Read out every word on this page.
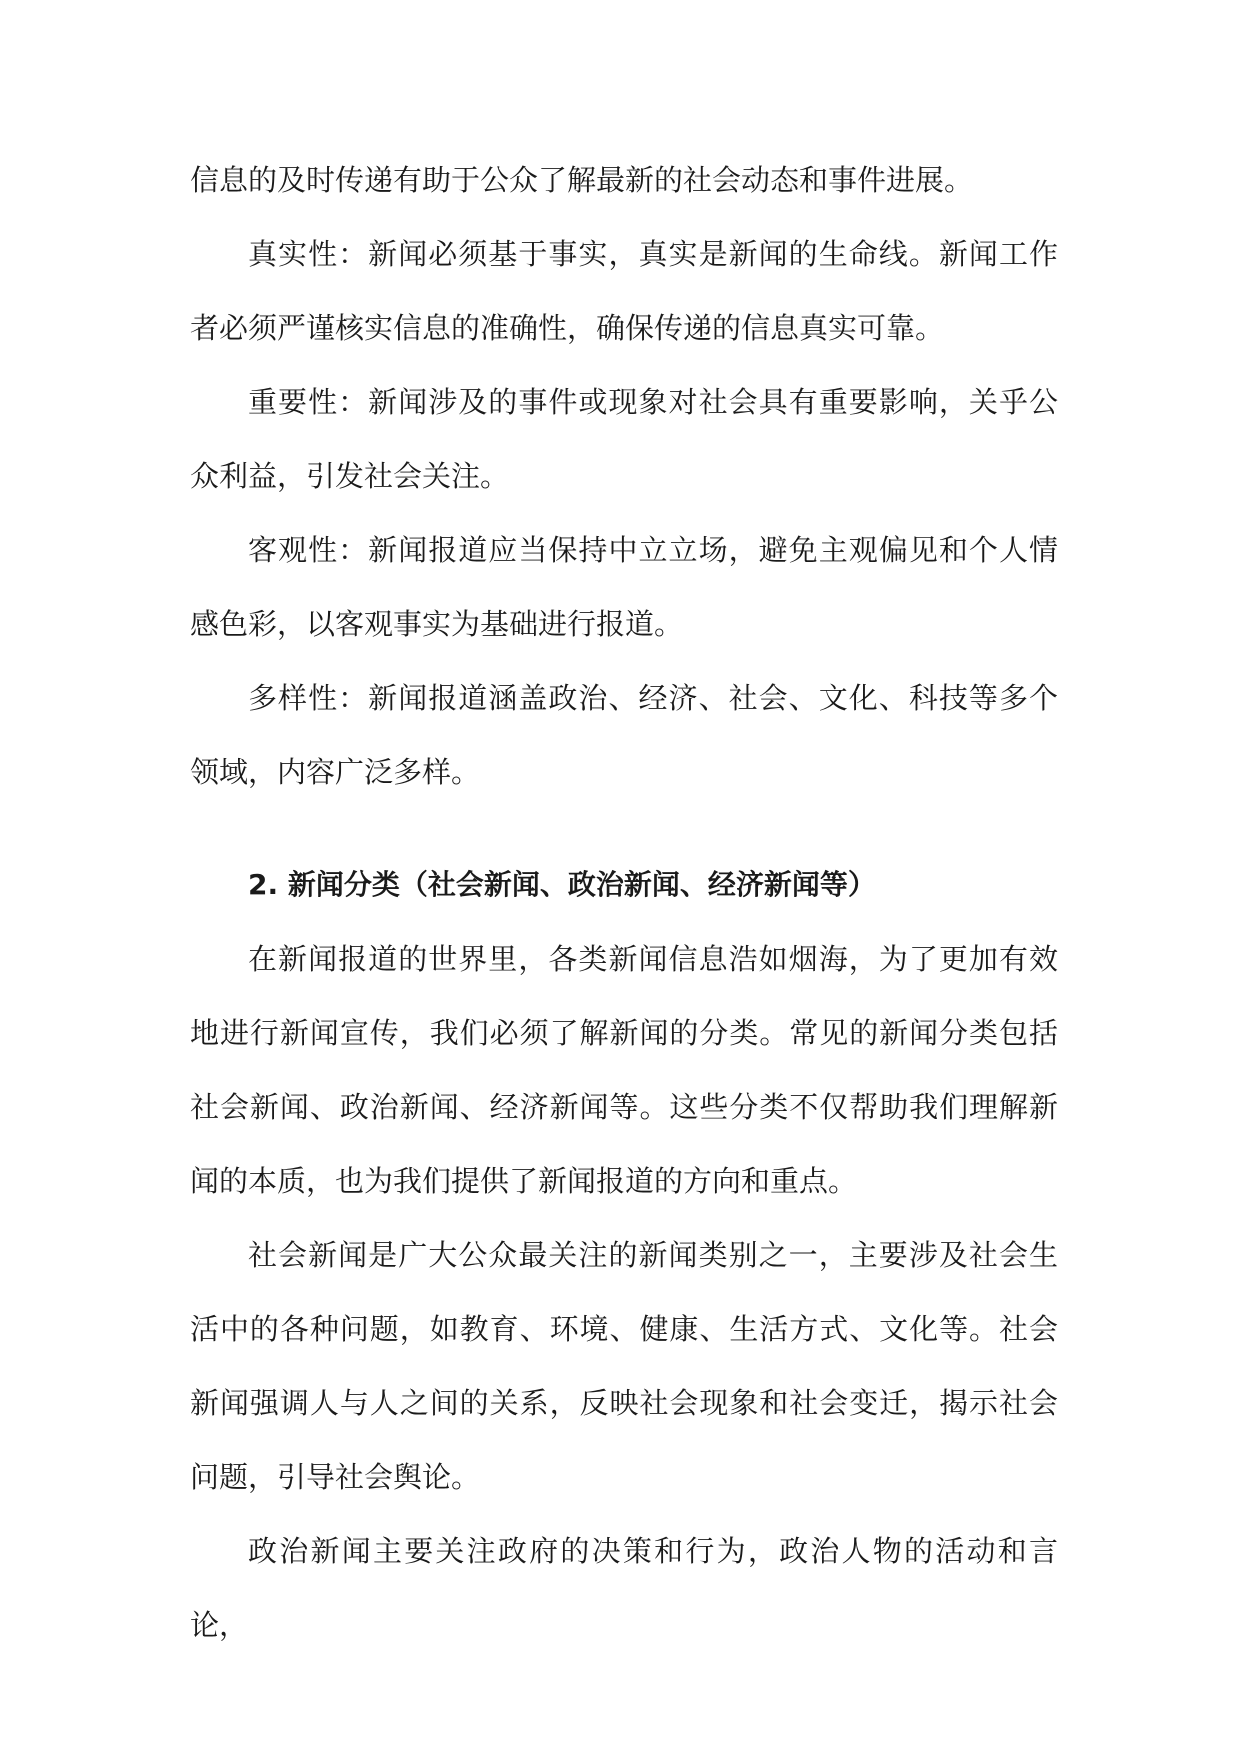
信息的及时传递有助于公众了解最新的社会动态和事件进展。

真实性：新闻必须基于事实，真实是新闻的生命线。新闻工作者必须严谨核实信息的准确性，确保传递的信息真实可靠。

重要性：新闻涉及的事件或现象对社会具有重要影响，关乎公众利益，引发社会关注。

客观性：新闻报道应当保持中立立场，避免主观偏见和个人情感色彩，以客观事实为基础进行报道。

多样性：新闻报道涵盖政治、经济、社会、文化、科技等多个领域，内容广泛多样。

2. 新闻分类（社会新闻、政治新闻、经济新闻等）

在新闻报道的世界里，各类新闻信息浩如烟海，为了更加有效地进行新闻宣传，我们必须了解新闻的分类。常见的新闻分类包括社会新闻、政治新闻、经济新闻等。这些分类不仅帮助我们理解新闻的本质，也为我们提供了新闻报道的方向和重点。

社会新闻是广大公众最关注的新闻类别之一，主要涉及社会生活中的各种问题，如教育、环境、健康、生活方式、文化等。社会新闻强调人与人之间的关系，反映社会现象和社会变迁，揭示社会问题，引导社会舆论。

政治新闻主要关注政府的决策和行为，政治人物的活动和言论，
